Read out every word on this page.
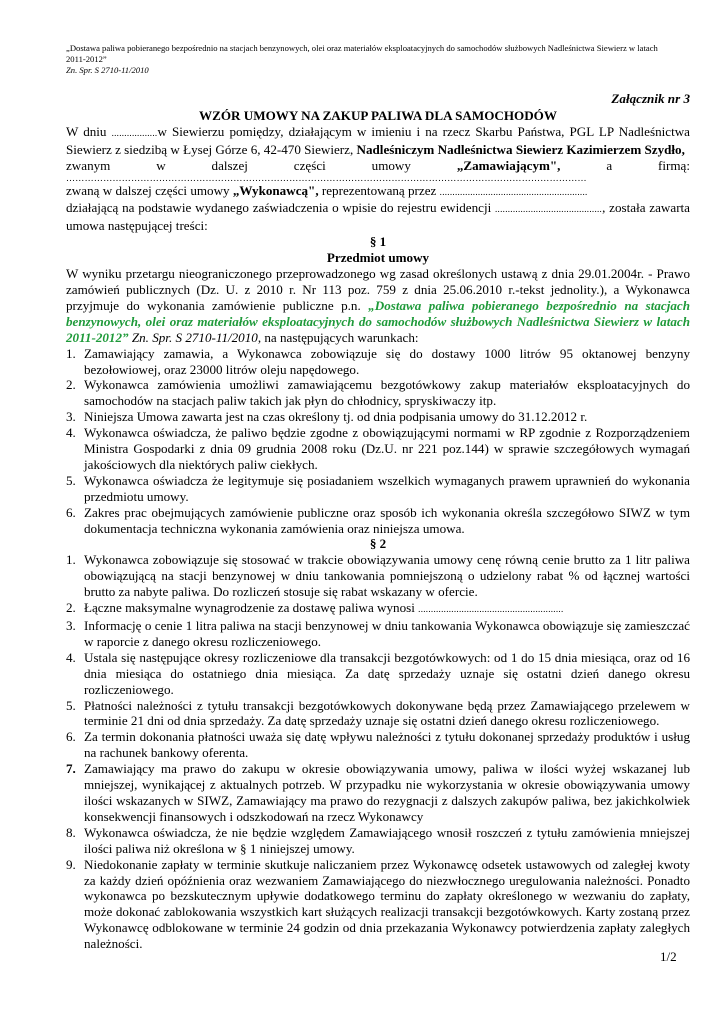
„Dostawa paliwa pobieranego bezpośrednio na stacjach benzynowych, olei oraz materiałów eksploatacyjnych do samochodów służbowych Nadleśnictwa Siewierz w latach 2011-2012”
Zn. Spr. S 2710-11/2010
Załącznik nr 3
WZÓR UMOWY NA ZAKUP PALIWA DLA SAMOCHODÓW

W dniu ..................w Siewierzu pomiędzy, działającym w imieniu i na rzecz Skarbu Państwa, PGL LP Nadleśnictwa Siewierz z siedzibą w Łysej Górze 6, 42-470 Siewierz, Nadleśniczym Nadleśnictwa Siewierz Kazimierzem Szydło,

zwanym w dalszej części umowy „Zamawiającym", a firmą:

……………………………………………………………………………………………………………………………………………………

zwaną w dalszej części umowy „Wykonawcą", reprezentowaną przez ..........................................................

działającą na podstawie wydanego zaświadczenia o wpisie do rejestru ewidencji .........................................., została zawarta umowa następującej treści:

§ 1
Przedmiot umowy

W wyniku przetargu nieograniczonego przeprowadzonego wg zasad określonych ustawą z dnia 29.01.2004r. - Prawo zamówień publicznych (Dz. U. z 2010 r. Nr 113 poz. 759 z dnia 25.06.2010 r.-tekst jednolity.), a Wykonawca przyjmuje do wykonania zamówienie publiczne p.n. „Dostawa paliwa pobieranego bezpośrednio na stacjach benzynowych, olei oraz materiałów eksploatacyjnych do samochodów służbowych Nadleśnictwa Siewierz w latach 2011-2012” Zn. Spr. S 2710-11/2010, na następujących warunkach:

1. Zamawiający zamawia, a Wykonawca zobowiązuje się do dostawy 1000 litrów 95 oktanowej benzyny bezołowiowej, oraz 23000 litrów oleju napędowego.
2. Wykonawca zamówienia umożliwi zamawiającemu bezgotówkowy zakup materiałów eksploatacyjnych do samochodów na stacjach paliw takich jak płyn do chłodnicy, spryskiwaczy itp.
3. Niniejsza Umowa zawarta jest na czas określony tj. od dnia podpisania umowy do 31.12.2012 r.
4. Wykonawca oświadcza, że paliwo będzie zgodne z obowiązującymi normami w RP zgodnie z Rozporządzeniem Ministra Gospodarki z dnia 09 grudnia 2008 roku (Dz.U. nr 221 poz.144) w sprawie szczegółowych wymagań jakościowych dla niektórych paliw ciekłych.
5. Wykonawca oświadcza że legitymuje się posiadaniem wszelkich wymaganych prawem uprawnień do wykonania przedmiotu umowy.
6. Zakres prac obejmujących zamówienie publiczne oraz sposób ich wykonania określa szczegółowo SIWZ w tym dokumentacja techniczna wykonania zamówienia oraz niniejsza umowa.
§ 2
1. Wykonawca zobowiązuje się stosować w trakcie obowiązywania umowy cenę równą cenie brutto za 1 litr paliwa obowiązującą na stacji benzynowej w dniu tankowania pomniejszoną o udzielony rabat % od łącznej wartości brutto za nabyte paliwa. Do rozliczeń stosuje się rabat wskazany w ofercie.
2. Łączne maksymalne wynagrodzenie za dostawę paliwa wynosi .........................................................
3. Informację o cenie 1 litra paliwa na stacji benzynowej w dniu tankowania Wykonawca obowiązuje się zamieszczać w raporcie z danego okresu rozliczeniowego.
4. Ustala się następujące okresy rozliczeniowe dla transakcji bezgotówkowych: od 1 do 15 dnia miesiąca, oraz od 16 dnia miesiąca do ostatniego dnia miesiąca. Za datę sprzedaży uznaje się ostatni dzień danego okresu rozliczeniowego.
5. Płatności należności z tytułu transakcji bezgotówkowych dokonywane będą przez Zamawiającego przelewem w terminie 21 dni od dnia sprzedaży. Za datę sprzedaży uznaje się ostatni dzień danego okresu rozliczeniowego.
6. Za termin dokonania płatności uważa się datę wpływu należności z tytułu dokonanej sprzedaży produktów i usług na rachunek bankowy oferenta.
7. Zamawiający ma prawo do zakupu w okresie obowiązywania umowy, paliwa w ilości wyżej wskazanej lub mniejszej, wynikającej z aktualnych potrzeb. W przypadku nie wykorzystania w okresie obowiązywania umowy ilości wskazanych w SIWZ, Zamawiający ma prawo do rezygnacji z dalszych zakupów paliwa, bez jakichkolwiek konsekwencji finansowych i odszkodowań na rzecz Wykonawcy
8. Wykonawca oświadcza, że nie będzie względem Zamawiającego wnosił roszczeń z tytułu zamówienia mniejszej ilości paliwa niż określona w § 1 niniejszej umowy.
9. Niedokonanie zapłaty w terminie skutkuje naliczaniem przez Wykonawcę odsetek ustawowych od zaległej kwoty za każdy dzień opóźnienia oraz wezwaniem Zamawiającego do niezwłocznego uregulowania należności. Ponadto wykonawca po bezskutecznym upływie dodatkowego terminu do zapłaty określonego w wezwaniu do zapłaty, może dokonać zablokowania wszystkich kart służących realizacji transakcji bezgotówkowych. Karty zostaną przez Wykonawcę odblokowane w terminie 24 godzin od dnia przekazania Wykonawcy potwierdzenia zapłaty zaległych należności.
1/2
